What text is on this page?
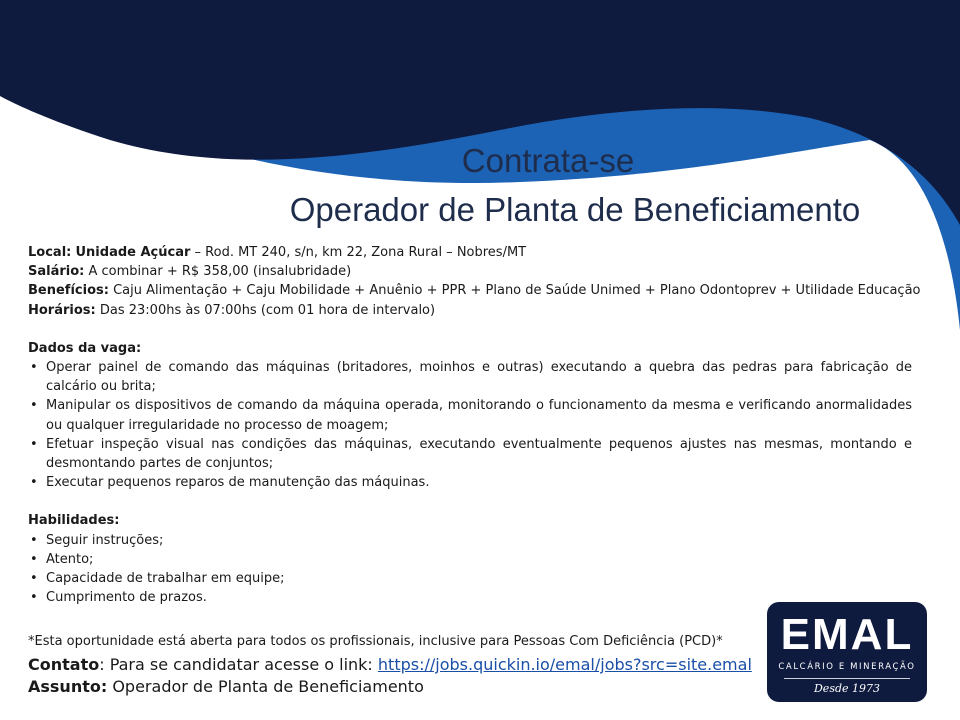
Contrata-se
Operador de Planta de Beneficiamento
Local: Unidade Açúcar – Rod. MT 240, s/n, km 22, Zona Rural – Nobres/MT
Salário: A combinar + R$ 358,00 (insalubridade)
Benefícios: Caju Alimentação + Caju Mobilidade + Anuênio + PPR + Plano de Saúde Unimed + Plano Odontoprev + Utilidade Educação
Horários: Das 23:00hs às 07:00hs (com 01 hora de intervalo)
Dados da vaga:
• Operar painel de comando das máquinas (britadores, moinhos e outras) executando a quebra das pedras para fabricação de calcário ou brita;
• Manipular os dispositivos de comando da máquina operada, monitorando o funcionamento da mesma e verificando anormalidades ou qualquer irregularidade no processo de moagem;
• Efetuar inspeção visual nas condições das máquinas, executando eventualmente pequenos ajustes nas mesmas, montando e desmontando partes de conjuntos;
• Executar pequenos reparos de manutenção das máquinas.
Habilidades:
• Seguir instruções;
• Atento;
• Capacidade de trabalhar em equipe;
• Cumprimento de prazos.
*Esta oportunidade está aberta para todos os profissionais, inclusive para Pessoas Com Deficiência (PCD)*
Contato: Para se candidatar acesse o link: https://jobs.quickin.io/emal/jobs?src=site.emal
Assunto: Operador de Planta de Beneficiamento
EMAL
CALCÁRIO E MINERAÇÃO
Desde 1973
